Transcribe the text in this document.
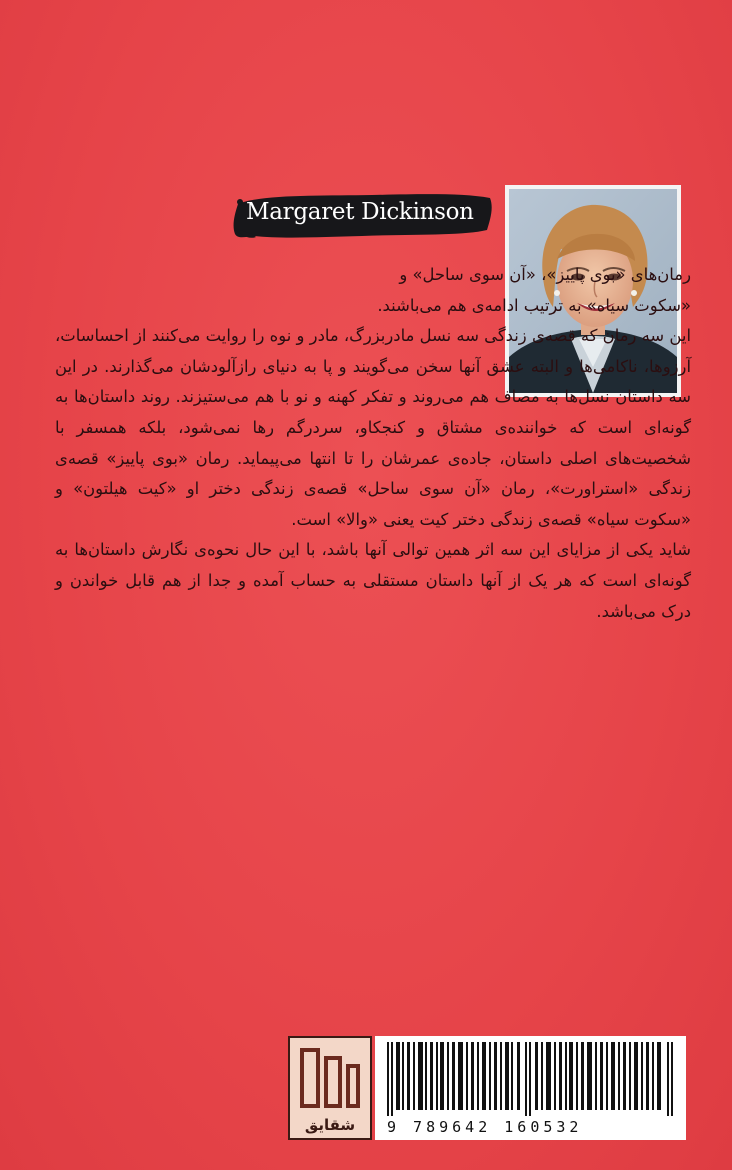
Margaret Dickinson

رمان‌های «بوی پاییز»، «آن سوی ساحل» و

«سکوت سیاه» به ترتیب ادامه‌ی هم می‌باشند.

این سه رمان که قصه‌ی زندگی سه نسل مادربزرگ، مادر و نوه را روایت می‌کنند از احساسات، آرزوها، ناکامی‌ها و البته عشق آنها سخن می‌گویند و پا به دنیای رازآلودشان می‌گذارند. در این سه داستان نسل‌ها به مصاف هم می‌روند و تفکر کهنه و نو با هم می‌ستیزند. روند داستان‌ها به گونه‌ای است که خواننده‌ی مشتاق و کنجکاو، سردرگم رها نمی‌شود، بلکه همسفر با شخصیت‌های اصلی داستان، جاده‌ی عمرشان را تا انتها می‌پیماید. رمان «بوی پاییز» قصه‌ی زندگی «استراورت»، رمان «آن سوی ساحل» قصه‌ی زندگی دختر او «کیت هیلتون» و «سکوت سیاه» قصه‌ی زندگی دختر کیت یعنی «والا» است.

شاید یکی از مزایای این سه اثر همین توالی آنها باشد، با این حال نحوه‌ی نگارش داستان‌ها به گونه‌ای است که هر یک از آنها داستان مستقلی به حساب آمده و جدا از هم قابل خواندن و درک می‌باشد.

شقایق 9 789642 160532
